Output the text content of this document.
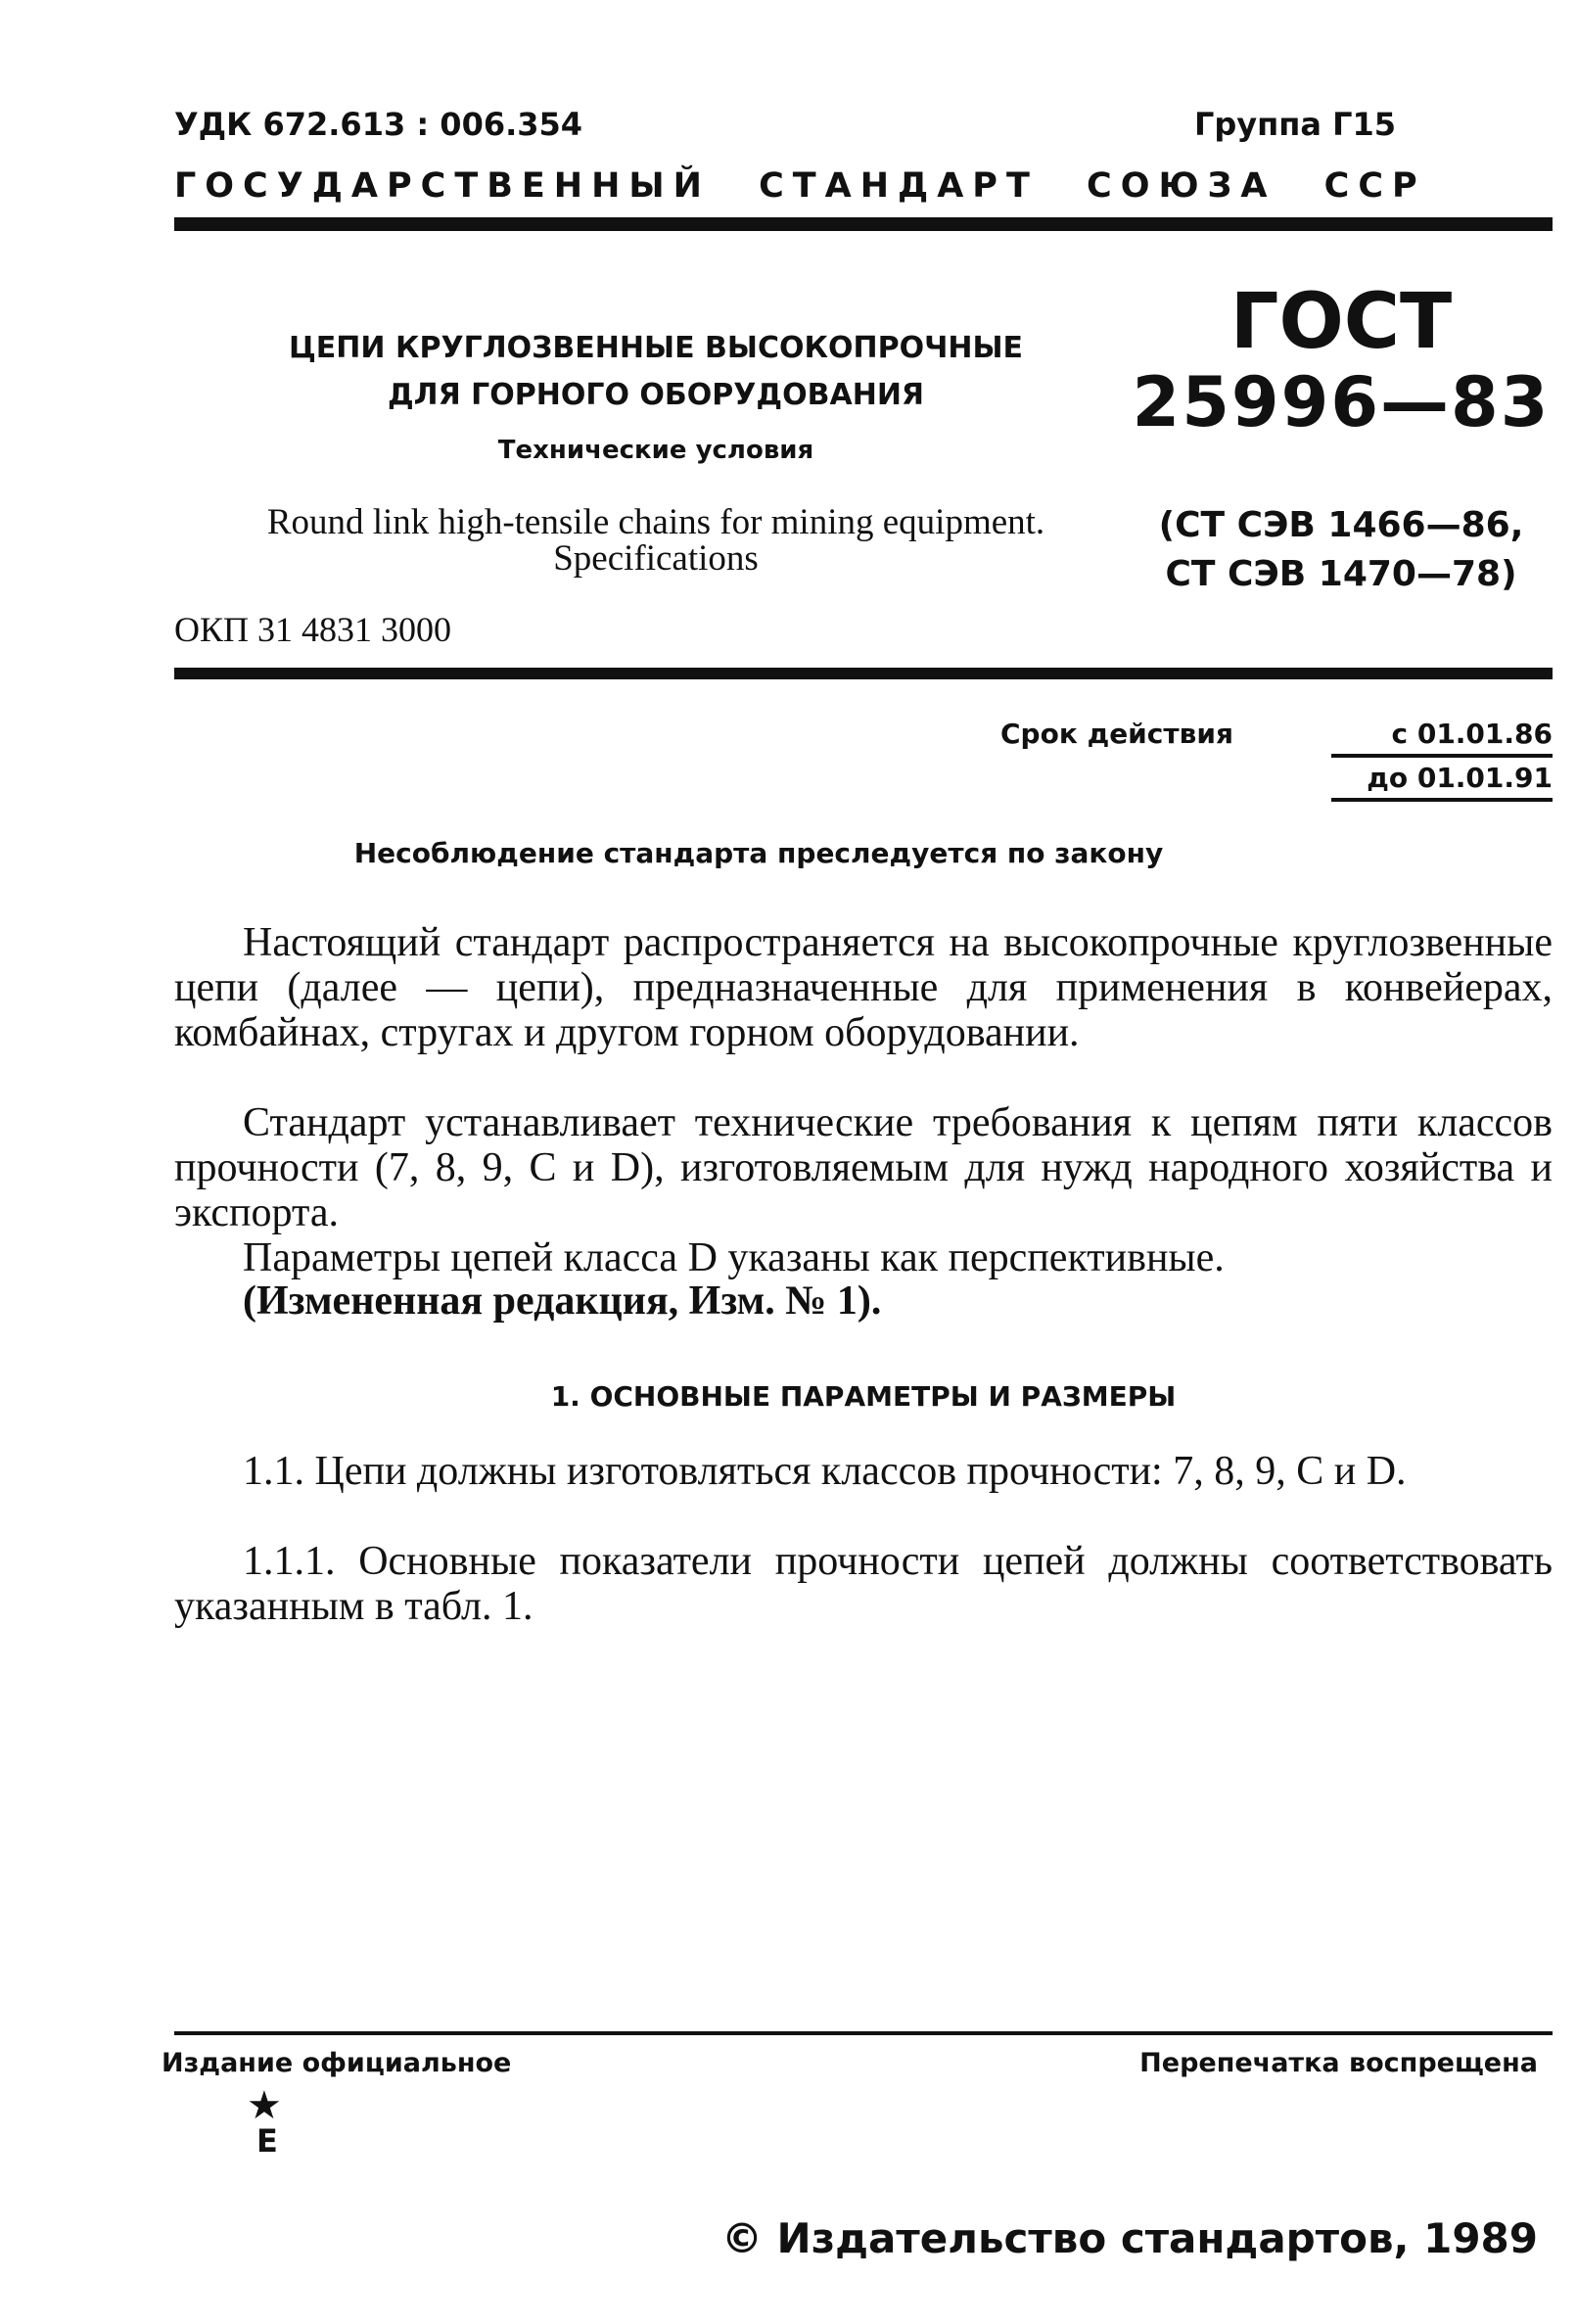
УДК 672.613 : 006.354	Группа Г15
ГОСУДАРСТВЕННЫЙ СТАНДАРТ СОЮЗА ССР
ЦЕПИ КРУГЛОЗВЕННЫЕ ВЫСОКОПРОЧНЫЕ
ДЛЯ ГОРНОГО ОБОРУДОВАНИЯ
Технические условия
ГОСТ
25996—83
Round link high-tensile chains for mining equipment.
Specifications
(СТ СЭВ 1466—86,
СТ СЭВ 1470—78)
ОКП 31 4831 3000
Срок действия	с 01.01.86
до 01.01.91
Несоблюдение стандарта преследуется по закону
Настоящий стандарт распространяется на высокопрочные круглозвенные цепи (далее — цепи), предназначенные для применения в конвейерах, комбайнах, стругах и другом горном оборудовании.
Стандарт устанавливает технические требования к цепям пяти классов прочности (7, 8, 9, С и D), изготовляемым для нужд народного хозяйства и экспорта.
Параметры цепей класса D указаны как перспективные.
(Измененная редакция, Изм. № 1).
1. ОСНОВНЫЕ ПАРАМЕТРЫ И РАЗМЕРЫ
1.1. Цепи должны изготовляться классов прочности: 7, 8, 9, С и D.
1.1.1. Основные показатели прочности цепей должны соответствовать указанным в табл. 1.
Издание официальное	Перепечатка воспрещена
★
Е
© Издательство стандартов, 1989
